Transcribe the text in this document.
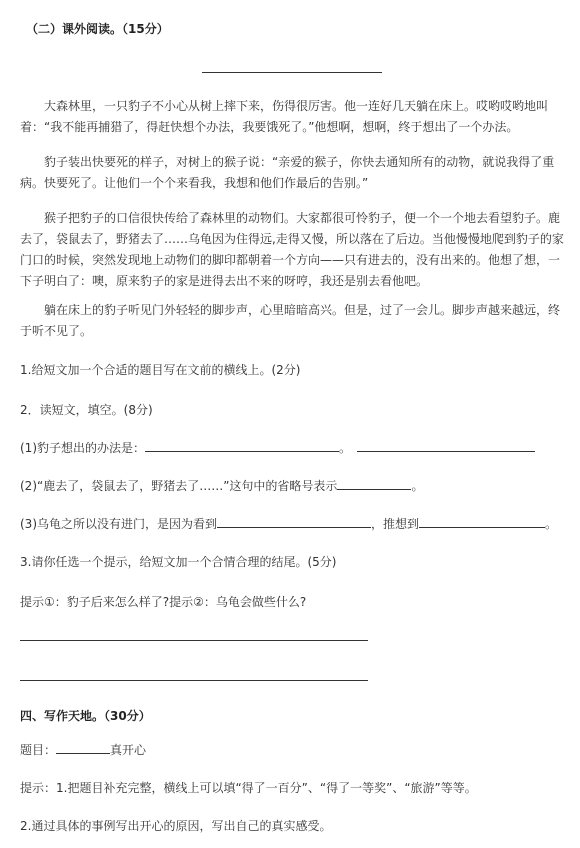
（二）课外阅读。（15分）
大森林里，一只豹子不小心从树上摔下来，伤得很厉害。他一连好几天躺在床上。哎哟哎哟地叫着：“我不能再捕猎了，得赶快想个办法，我要饿死了。”他想啊，想啊，终于想出了一个办法。
豹子装出快要死的样子，对树上的猴子说：“亲爱的猴子，你快去通知所有的动物，就说我得了重病。快要死了。让他们一个个来看我，我想和他们作最后的告别。”
猴子把豹子的口信很快传给了森林里的动物们。大家都很可怜豹子，便一个一个地去看望豹子。鹿去了，袋鼠去了，野猪去了……乌龟因为住得远,走得又慢，所以落在了后边。当他慢慢地爬到豹子的家门口的时候，突然发现地上动物们的脚印都朝着一个方向——只有进去的，没有出来的。他想了想，一下子明白了：噢，原来豹子的家是进得去出不来的呀哼，我还是别去看他吧。
躺在床上的豹子听见门外轻轻的脚步声，心里暗暗高兴。但是，过了一会儿。脚步声越来越远，终于听不见了。
1.给短文加一个合适的题目写在文前的横线上。(2分)
2．读短文，填空。(8分)
(1)豹子想出的办法是：	。
(2)“鹿去了，袋鼠去了，野猪去了……”这句中的省略号表示	。
(3)乌龟之所以没有进门，是因为看到	，推想到	。
3.请你任选一个提示，给短文加一个合情合理的结尾。(5分)
提示①：豹子后来怎么样了?提示②：乌龟会做些什么?
四、写作天地。（30分）
题目：	真开心
提示：1.把题目补充完整，横线上可以填“得了一百分”、“得了一等奖”、“旅游”等等。
2.通过具体的事例写出开心的原因，写出自己的真实感受。
